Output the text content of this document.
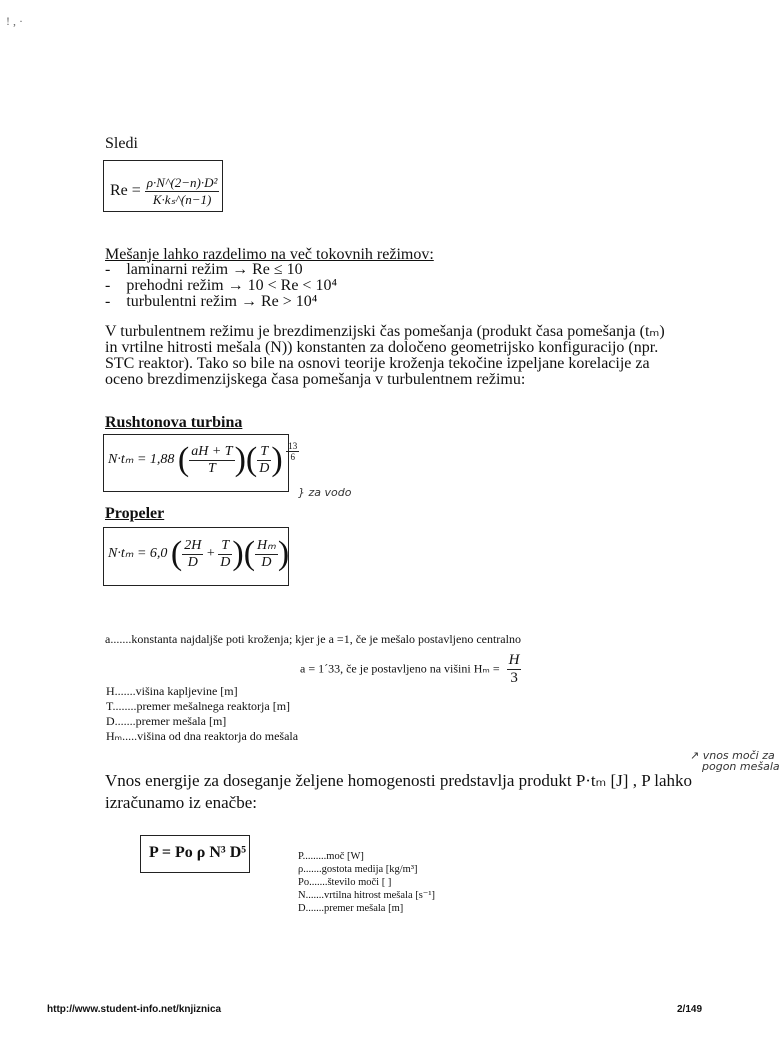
! , ·
Sledi
$Re = \frac{\text{ρ·N\textasciicircum{}(2−n)·D²}}{\text{K·kₛ\textasciicircum{}(n−1)}}$
Mešanje lahko razdelimo na več tokovnih režimov:
-    laminarni režim → Re ≤ 10
-    prehodni režim → 10 < Re < 10⁴
-    turbulentni režim → Re > 10⁴
V turbulentnem režimu je brezdimenzijski čas pomešanja (produkt časa pomešanja (tₘ)
in vrtilne hitrosti mešala (N)) konstanten za določeno geometrijsko konfiguracijo (npr.
STC reaktor). Tako so bile na osnovi teorije kroženja tekočine izpeljane korelacije za
oceno brezdimenzijskega časa pomešanja v turbulentnem režimu:
Rushtonova turbina
N·tₘ = 1,88 ( $\frac{aH + T}{T}$ )( $\frac{T}{D}$ ) $\frac{13}{6}$
} za vodo
Propeler
N·tₘ = 6,0 ( $\frac{2H}{D} + \frac{T}{D}$ )( $\frac{\text{Hₘ}}{D}$ )
a.......konstanta najdaljše poti kroženja; kjer je a =1, če je mešalo postavljeno centralno
a = 1´33, če je postavljeno na višini $H_m = \frac{H}{3}$
H.......višina kapljevine [m]
T........premer mešalnega reaktorja [m]
D.......premer mešala [m]
Hₘ.....višina od dna reaktorja do mešala
↗ vnos moči za
pogon mešala
Vnos energije za doseganje željene homogenosti predstavlja produkt P·tₘ [J] , P lahko
izračunamo iz enačbe:
P = Po ρ N³ D⁵	P.........moč [W]
ρ.......gostota medija [kg/m³]
Po.......število moči [ ]
N.......vrtilna hitrost mešala [s⁻¹]
D.......premer mešala [m]
http://www.student-info.net/knjiznica	2/149
